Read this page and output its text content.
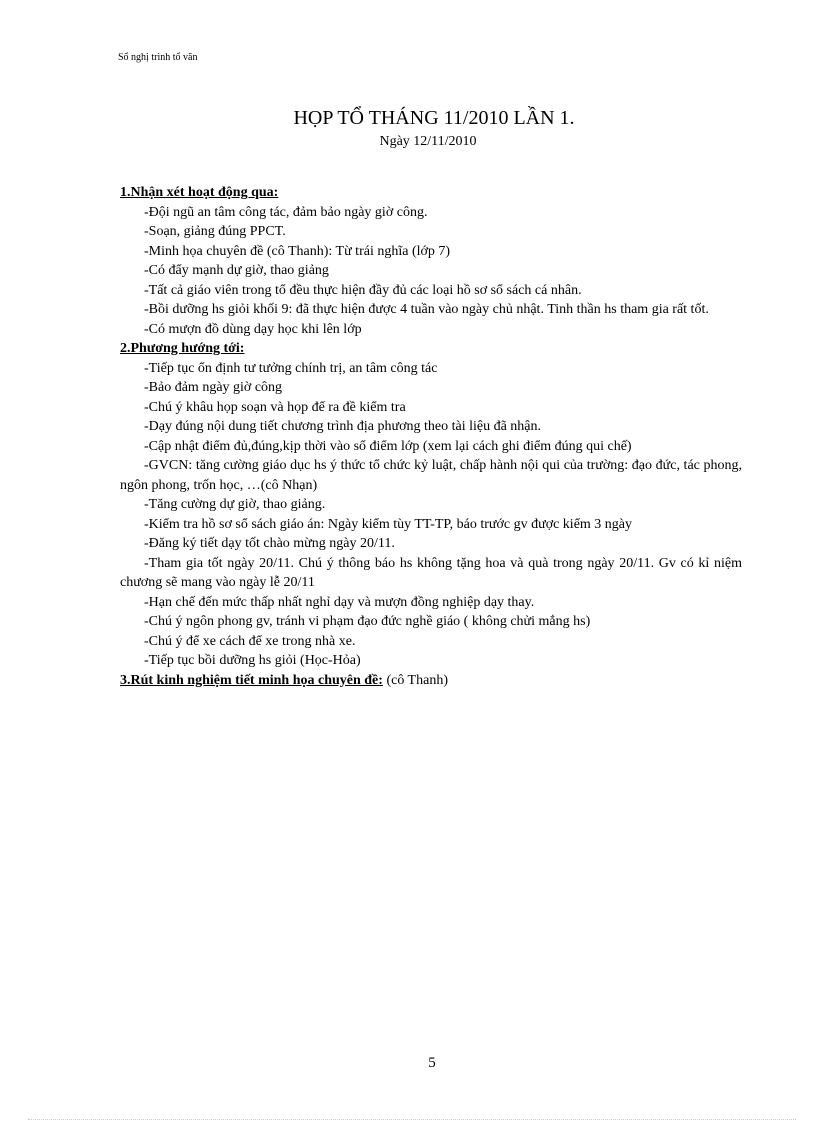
Sổ nghị trình tổ văn
HỌP TỔ THÁNG 11/2010 LẦN 1.
Ngày 12/11/2010

1.Nhận xét hoạt động qua:

-Đội ngũ an tâm công tác, đảm bảo ngày giờ công.

-Soạn, giảng đúng PPCT.

-Minh họa chuyên đề (cô Thanh): Từ trái nghĩa (lớp 7)

-Có đẩy mạnh dự giờ, thao giảng

-Tất cả giáo viên trong tổ đều thực hiện đầy đủ các loại hồ sơ sổ sách cá nhân.

-Bồi dưỡng hs giỏi khối 9: đã thực hiện được 4 tuần vào ngày chủ nhật. Tinh thần hs tham gia rất tốt.

-Có mượn đồ dùng dạy học khi lên lớp

2.Phương hướng tới:

-Tiếp tục ổn định tư tưởng chính trị, an tâm công tác

-Bảo đảm ngày giờ công

-Chú ý khâu họp soạn và họp để ra đề kiểm tra

-Dạy đúng nội dung tiết chương trình địa phương theo tài liệu đã nhận.

-Cập nhật điểm đủ,đúng,kịp thời vào sổ điểm lớp (xem lại cách ghi điểm đúng qui chế)

-GVCN: tăng cường giáo dục hs ý thức tổ chức kỷ luật, chấp hành nội qui của trường: đạo đức, tác phong, ngôn phong, trốn học, …(cô Nhạn)

-Tăng cường dự giờ, thao giảng.

-Kiểm tra hồ sơ sổ sách giáo án: Ngày kiểm tùy TT-TP, báo trước gv được kiểm 3 ngày

-Đăng ký tiết dạy tốt chào mừng ngày 20/11.

-Tham gia tốt ngày 20/11. Chú ý thông báo hs không tặng hoa và quà trong ngày 20/11. Gv có kỉ niệm chương sẽ mang vào ngày lễ 20/11

-Hạn chế đến mức thấp nhất nghỉ dạy và mượn đồng nghiệp dạy thay.

-Chú ý ngôn phong gv, tránh vi phạm đạo đức nghề giáo ( không chửi mắng hs)

-Chú ý để xe cách để xe trong nhà xe.

-Tiếp tục bồi dưỡng hs giỏi (Học-Hỏa)

3.Rút kinh nghiệm tiết minh họa chuyên đề: (cô Thanh)

5
